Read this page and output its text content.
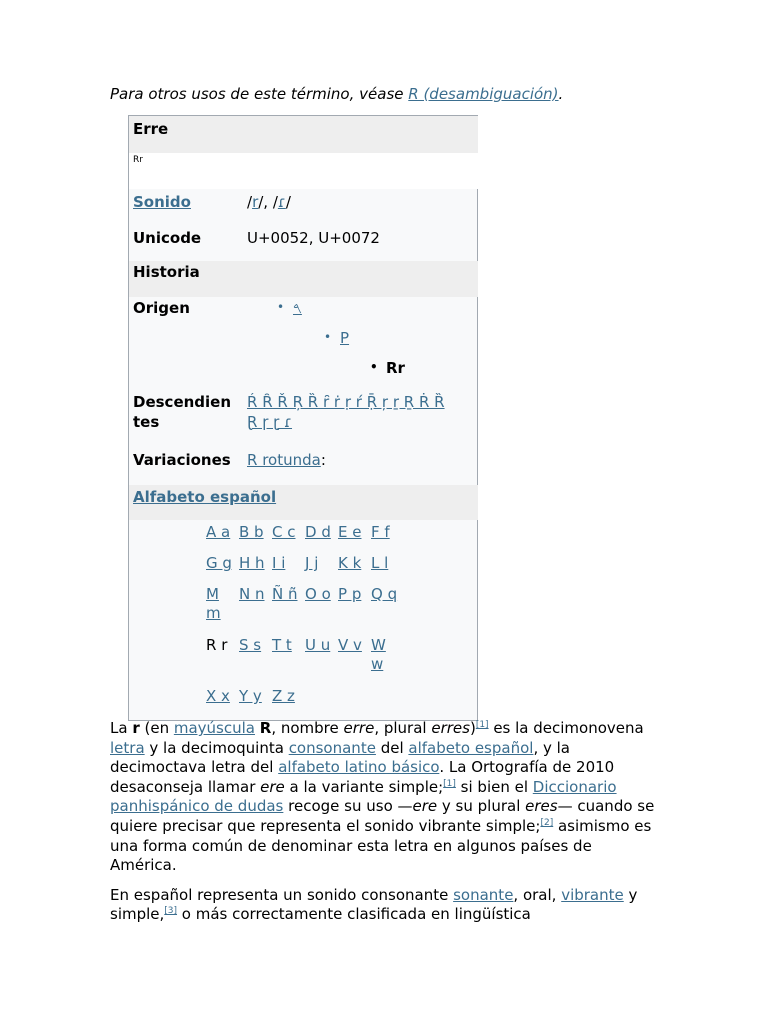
Para otros usos de este término, véase R (desambiguación).
Erre
Rr
Sonido	/r/, /ɾ/
Unicode	U+0052, U+0072
Historia
Origen
•	𐤓
• Ρ
• Rr
Descendien
tes
Ŕ Ȓ Ř Ŗ Ȑ ȓ ṙ ṛ ŕ Ṝ ŗ ṟ Ṟ Ṙ Ȑ
Ɽ ɼ ɽ ɾ
Variaciones R rotunda:
Alfabeto español
A a B b C c D d E e F f
G g H h I i J j K k L l
M m
N n Ñ ñ O o P p Q q
R r S s T t U u V v W w
X x Y y Z z

La r (en mayúscula R, nombre erre, plural erres)[1] es la decimonovena letra y la decimoquinta consonante del alfabeto español, y la decimoctava letra del alfabeto latino básico. La Ortografía de 2010 desaconseja llamar ere a la variante simple;[1] si bien el Diccionario panhispánico de dudas recoge su uso —ere y su plural eres— cuando se quiere precisar que representa el sonido vibrante simple;[2] asimismo es una forma común de denominar esta letra en algunos países de América.

En español representa un sonido consonante sonante, oral, vibrante y simple,[3] o más correctamente clasificada en lingüística
